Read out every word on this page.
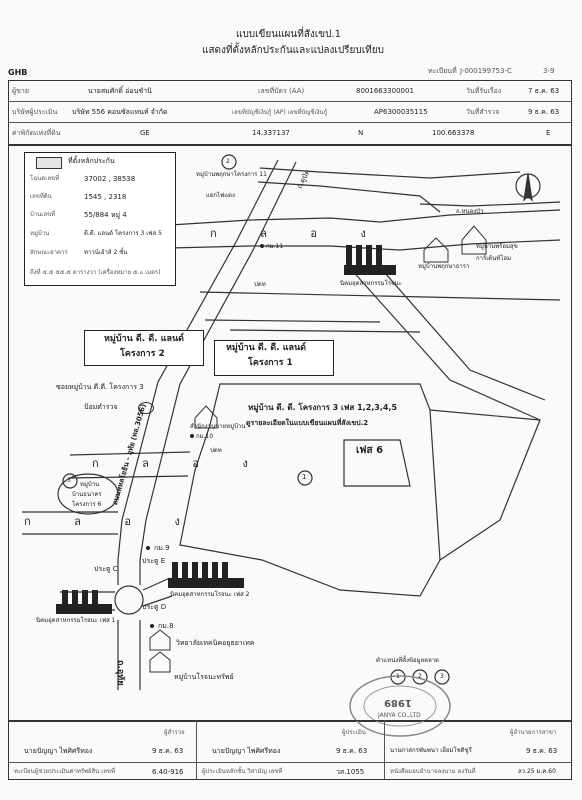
แบบเขียนแผนที่สังเขป.1
แสดงที่ตั้งหลักประกันและแปลงเปรียบเทียบ
GHB	ทะเบียนที่ J-000199753-C	3-9
ผู้ขาย	นายสมศักดิ์ อ่อนชำนิ	เลขที่บัตร (AA)	8001663300001	วันที่รับเรื่อง	7 ธ.ค. 63
บริษัทผู้ประเมิน บริษัท 556 คอนซัลแทนท์ จำกัด	เลขที่บัญชีเงินกู้ (AP) เลขที่บัญชีเงินกู้	AP6300035115	วันที่สำรวจ	9 ธ.ค. 63
ค่าพิกัดแห่งที่ดิน	GE	14.337137	N	100.663378	E
ที่ตั้งหลักประกัน
โฉนดเลขที่	37002 , 38538
เลขที่ดิน	1545 , 2318
บ้านเลขที่	55/884 หมู่ 4
หมู่บ้าน	ดี.ดี. แลนด์ โครงการ 3 เฟส 5
ลักษณะอาคาร	ทาวน์เฮ้าส์ 2 ชั้น
ถึงที่ ๕.๕ ๕๕.๕ ตารางวา (เครื่องหมาย ๕.๐ เมตร)
ถ.ตูบัด
ก ล อ ง
ก ล อ ง
ก ล อ ง
กม.11
กม.10
กม.9
กม.8
2
หมู่บ้านพฤกษาโครงการ 11
แยกไฟแดง
ปตท	นิคมอุตสาหกรรมโรจนะ
ถ.หนองบัว
หมู่บ้านพฤกษาธารา
หมู่บ้านพร้อมสุข
การ์เด้นท์โฮม
หมู่บ้าน ดี. ดี. แลนด์
โครงการ 2
หมู่บ้าน ดี. ดี. แลนด์
โครงการ 1
ซอยหมู่บ้าน ดี.ดี. โครงการ 3
ป้อมตำรวจ
สำนักงานขายหมู่บ้าน
ปตท
ถนนพหลโยธิน - อุทัย (ทล.3056)	หมู่บ้าน ดี. ดี. โครงการ 3 เฟส 1,2,3,4,5
ดูรายละเอียดในแบบเขียนแผนที่สังเขป.2
เฟส 6
1
3
หมู่บ้าน
บ้านธนาคร
โครงการ 6
ประตู C
ประตู E
ประตู D
นิคมอุตสาหกรรมโรจนะ เฟส 1
นิคมอุตสาหกรรมโรจนะ เฟส 2
ถ.อุทัย
วิทยาลัยเทคนิคอยุธยาเทค
หมู่บ้านโรจนะทรัพย์
ตำแหน่งที่ตั้งข้อมูลตลาด
1	2	3
1989
JANYA CO.,LTD
ผู้สำรวจ
นายปัญญา ไพศิศรีทอง	9 ธ.ค. 63
ทะเบียนผู้ช่วยประเมินค่าทรัพย์สิน เลขที่	6.40-916
ผู้ประเมิน
นายปัญญา ไพศิศรีทอง	9 ธ.ค. 63
ผู้ประเมินหลักชั้น วิสามัญ เลขที่	วส.1055
ผู้อำนวยการสาขา
นายภาสกรพันพนา เอี่ยมโชติชูรี	9 ธ.ค. 63
หนังสือมอบอำนาจลงนาม ลงวันที่	ลว.25 ม.ค.60
